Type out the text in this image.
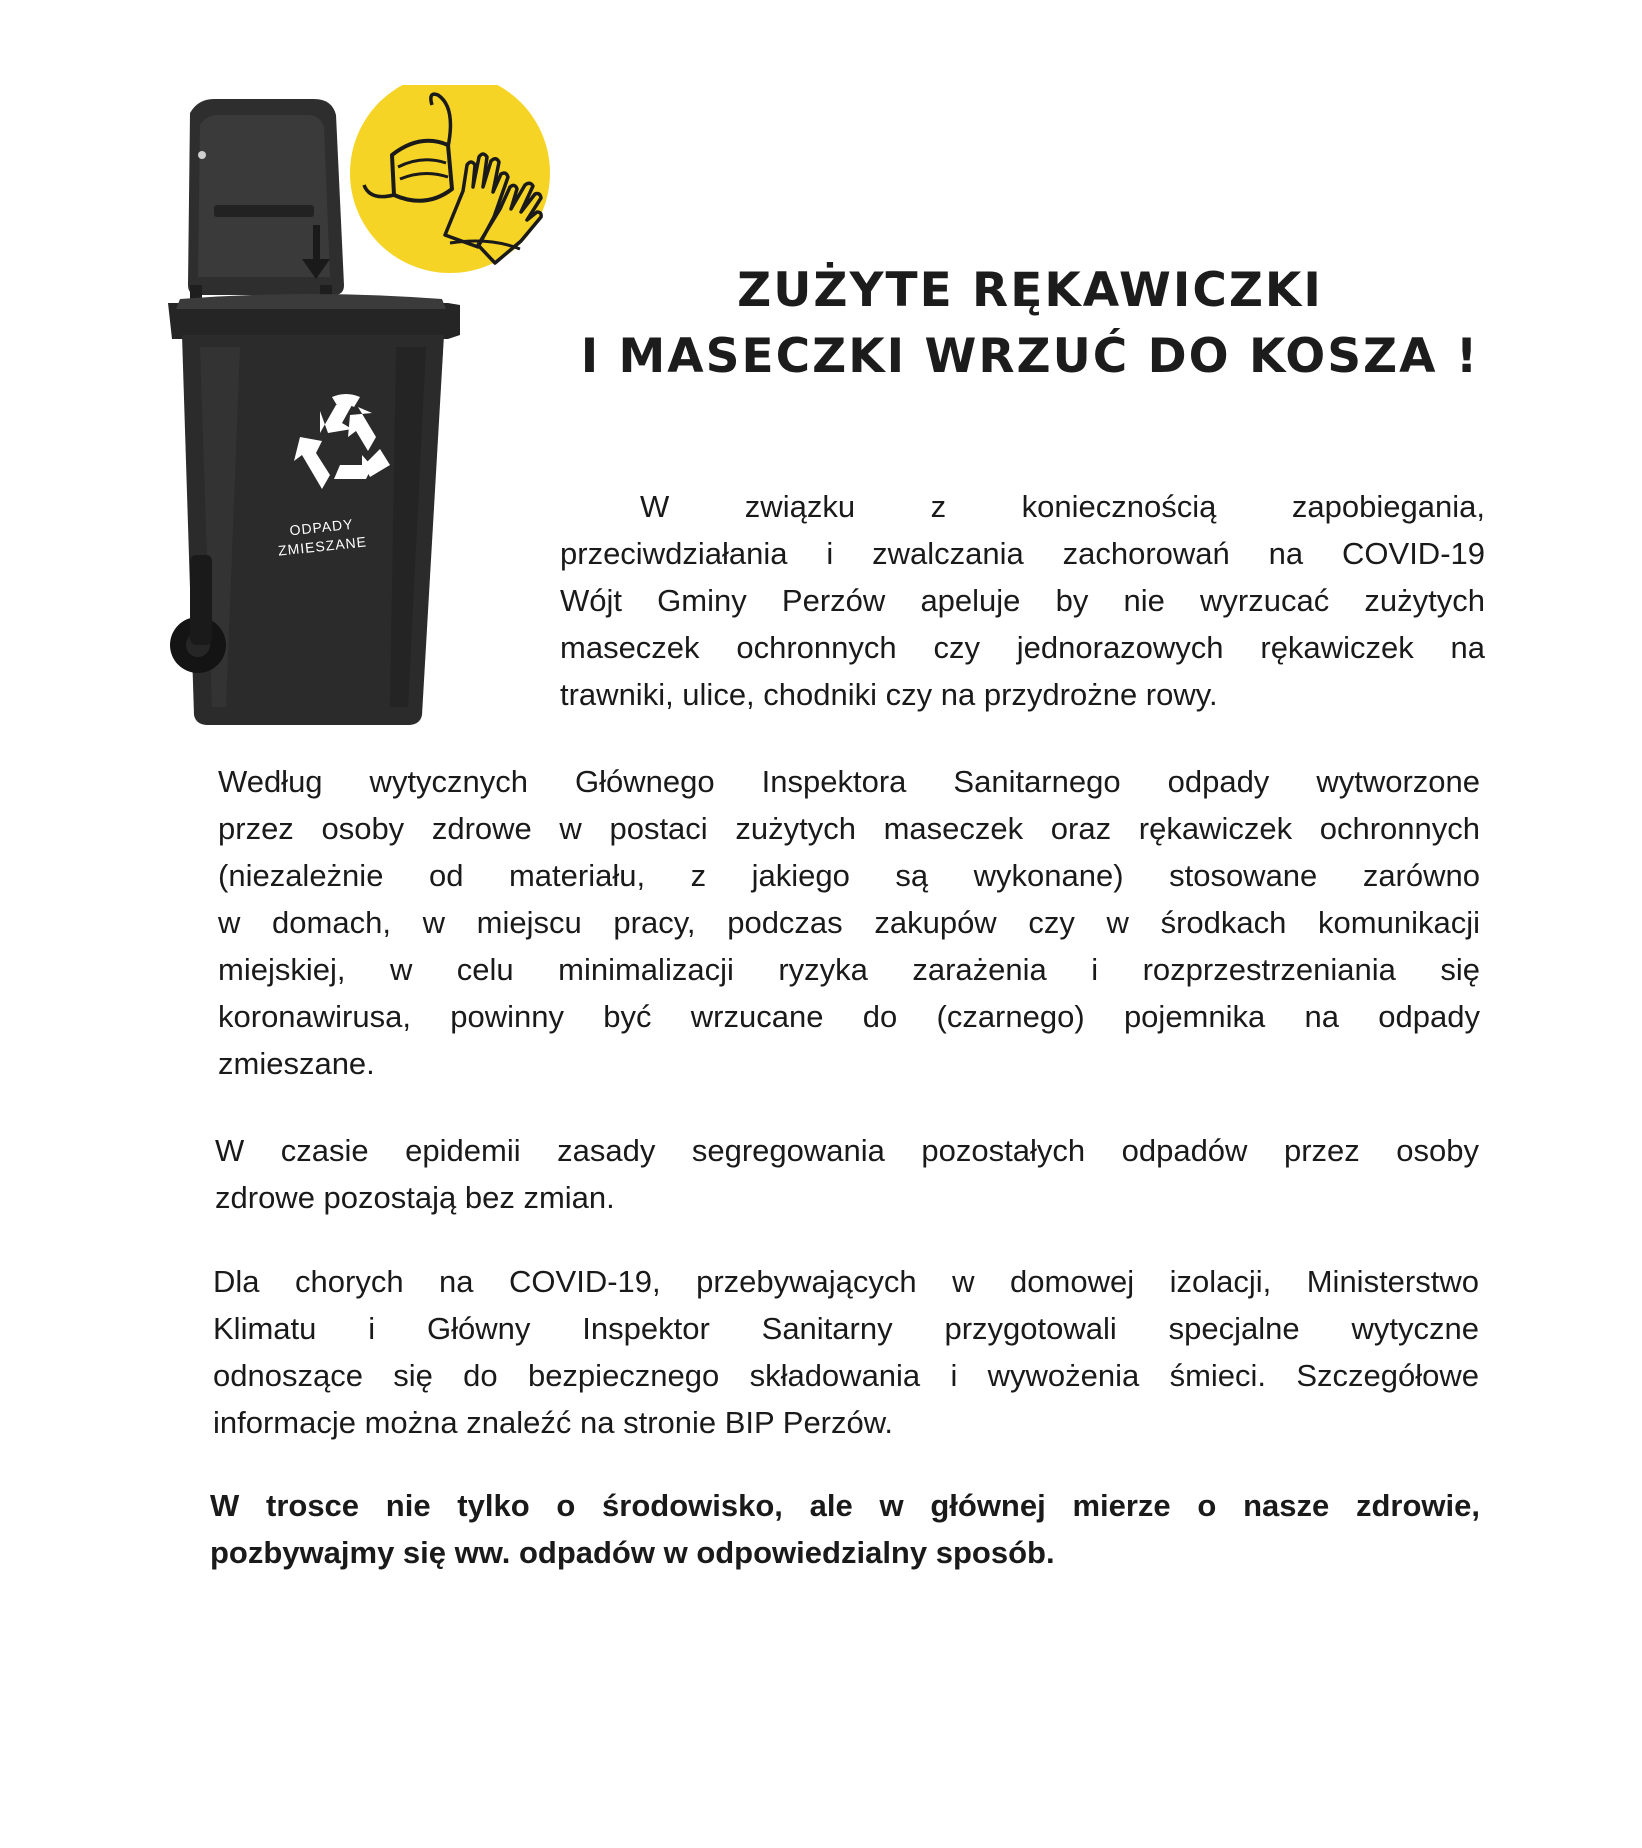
ODPADY
ZMIESZANE
ZUŻYTE RĘKAWICZKI
I MASECZKI WRZUĆ DO KOSZA !
W związku z koniecznością zapobiegania,
przeciwdziałania i zwalczania zachorowań na COVID-19
Wójt Gminy Perzów apeluje by nie wyrzucać zużytych
maseczek ochronnych czy jednorazowych rękawiczek na
trawniki, ulice, chodniki czy na przydrożne rowy.
Według wytycznych Głównego Inspektora Sanitarnego odpady wytworzone
przez osoby zdrowe w postaci zużytych maseczek oraz rękawiczek ochronnych
(niezależnie od materiału, z jakiego są wykonane) stosowane zarówno
w domach, w miejscu pracy, podczas zakupów czy w środkach komunikacji
miejskiej, w celu minimalizacji ryzyka zarażenia i rozprzestrzeniania się
koronawirusa, powinny być wrzucane do (czarnego) pojemnika na odpady
zmieszane.
W czasie epidemii zasady segregowania pozostałych odpadów przez osoby
zdrowe pozostają bez zmian.
Dla chorych na COVID-19, przebywających w domowej izolacji, Ministerstwo
Klimatu i Główny Inspektor Sanitarny przygotowali specjalne wytyczne
odnoszące się do bezpiecznego składowania i wywożenia śmieci. Szczegółowe
informacje można znaleźć na stronie BIP Perzów.
W trosce nie tylko o środowisko, ale w głównej mierze o nasze zdrowie,
pozbywajmy się ww. odpadów w odpowiedzialny sposób.
